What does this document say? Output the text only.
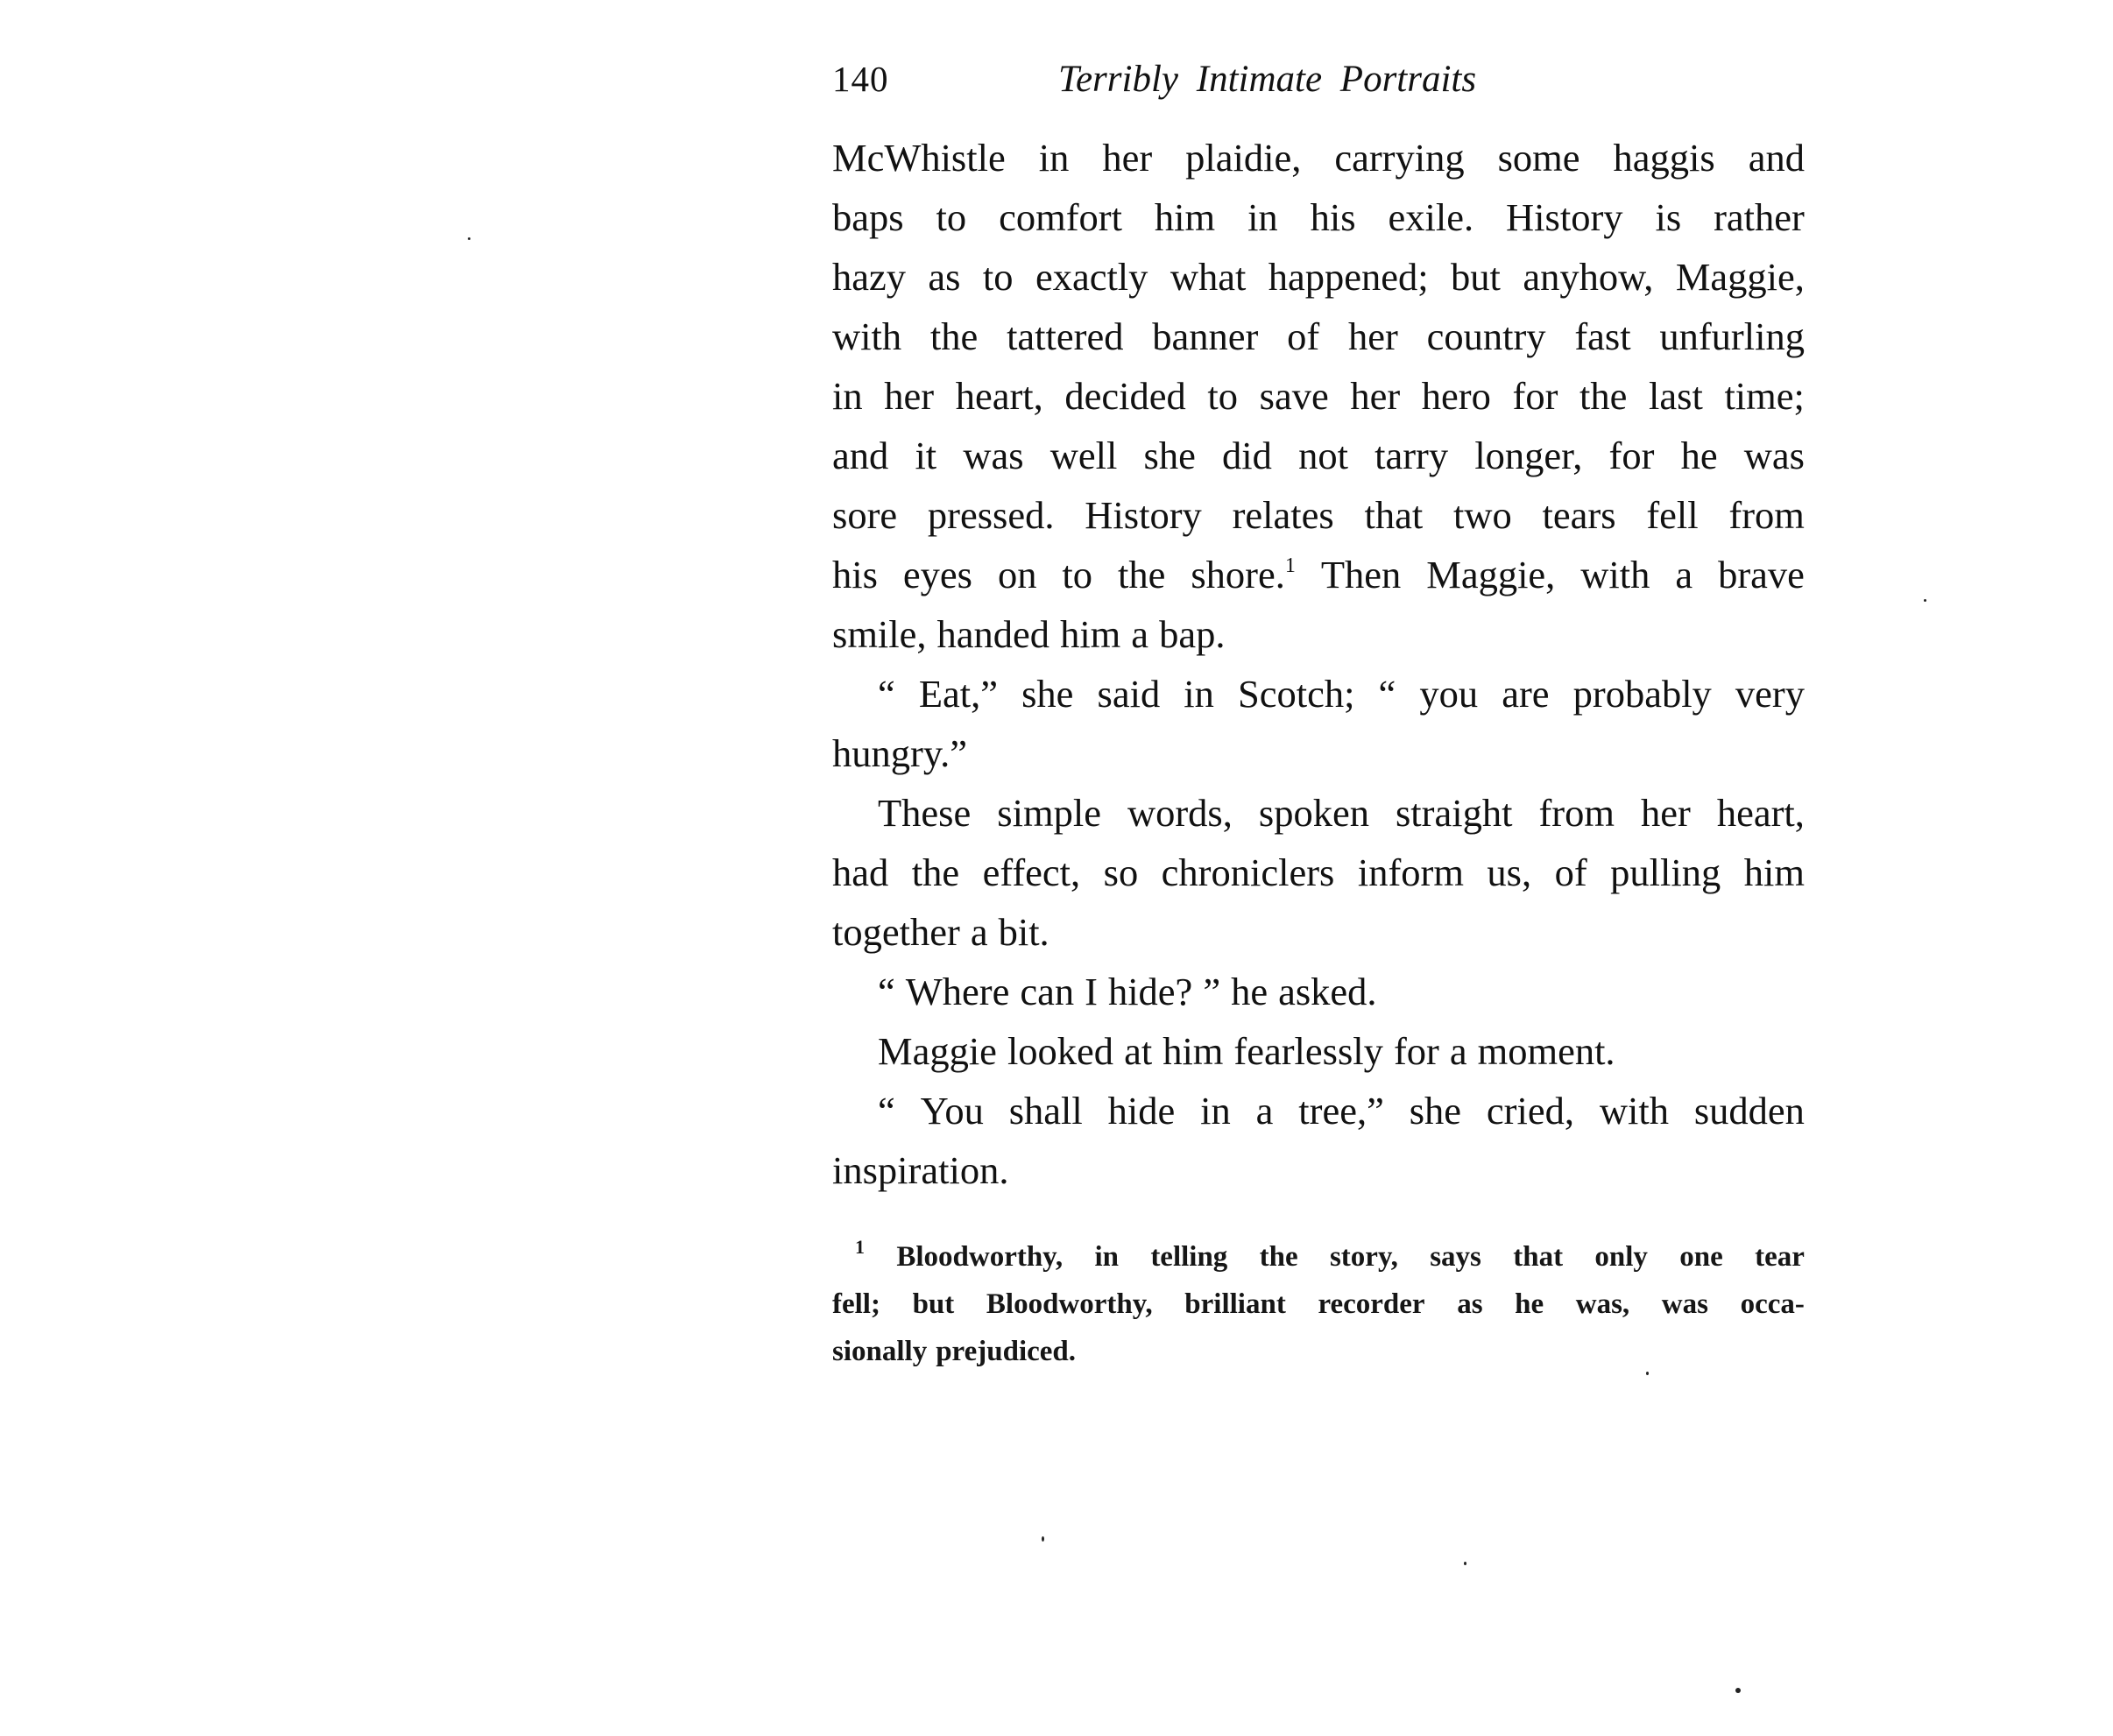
140	Terribly Intimate Portraits
McWhistle in her plaidie, carrying some haggis and
baps to comfort him in his exile. History is rather
hazy as to exactly what happened; but anyhow, Maggie,
with the tattered banner of her country fast unfurling
in her heart, decided to save her hero for the last time;
and it was well she did not tarry longer, for he was
sore pressed. History relates that two tears fell from
his eyes on to the shore.$^1$ Then Maggie, with a brave
smile, handed him a bap.
“ Eat,” she said in Scotch; “ you are probably very
hungry.”
These simple words, spoken straight from her heart,
had the effect, so chroniclers inform us, of pulling him
together a bit.
“ Where can I hide? ” he asked.
Maggie looked at him fearlessly for a moment.
“ You shall hide in a tree,” she cried, with sudden
inspiration.
$^1$ Bloodworthy, in telling the story, says that only one tear
fell; but Bloodworthy, brilliant recorder as he was, was occa-
sionally prejudiced.
